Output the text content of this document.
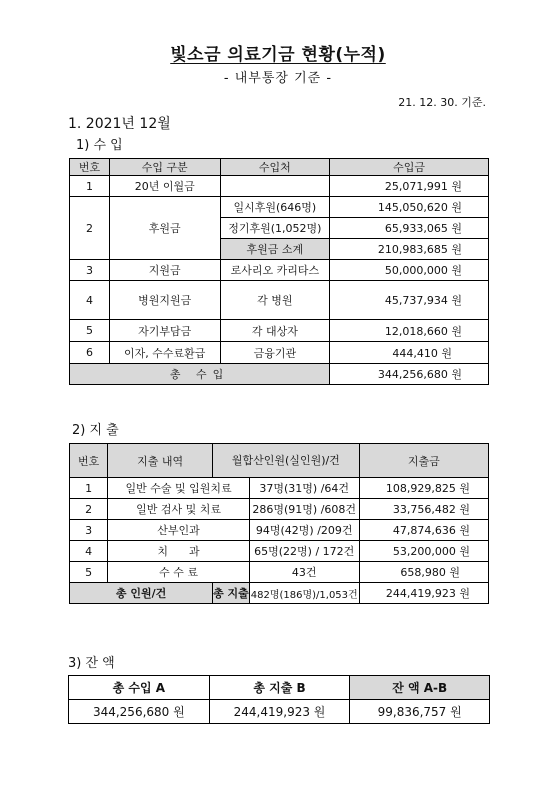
빛소금 의료기금 현황(누적)
- 내부통장 기준 -
21. 12. 30. 기준.
1. 2021년 12월
1) 수 입
번호	수입 구분	수입처	수입금
1	20년 이월금		25,071,991 원
2	후원금	일시후원(646명)	145,050,620 원
		정기후원(1,052명)	65,933,065 원
		후원금 소계	210,983,685 원
3	지원금	로사리오 카리타스	50,000,000 원
4	병원지원금	각 병원	45,737,934 원
5	자기부담금	각 대상자	12,018,660 원
6	이자, 수수료환급	금융기관	444,410 원
총 수입			344,256,680 원
2) 지 출
번호	지출 내역	월합산인원(실인원)/건		지출금
1	일반 수술 및 입원치료		37명(31명) /64건	108,929,825 원
2	일반 검사 및 치료		286명(91명) /608건	33,756,482 원
3	산부인과		94명(42명) /209건	47,874,636 원
4	치      과		65명(22명) / 172건	53,200,000 원
5	수 수 료		43건	658,980 원
총 인원/건		총 지출	482명(186명)/1,053건	244,419,923 원
3) 잔 액
총 수입 A	총 지출 B	잔 액 A-B
344,256,680 원	244,419,923 원	99,836,757 원
